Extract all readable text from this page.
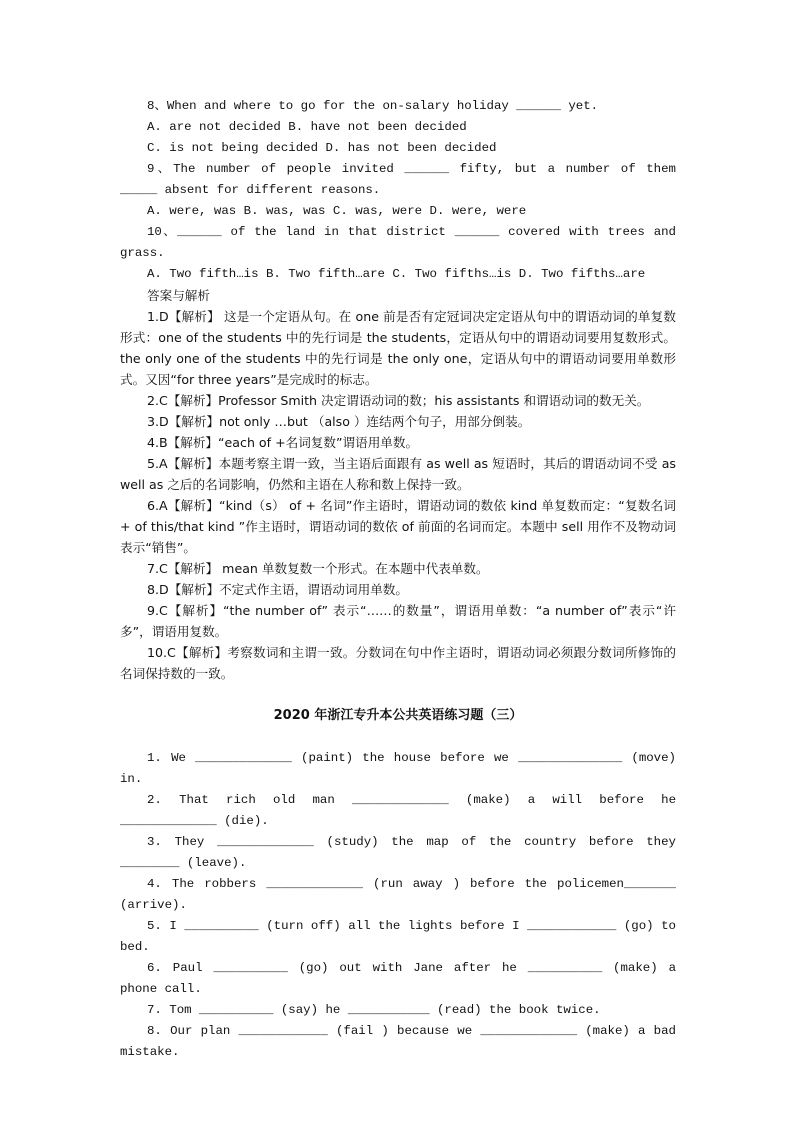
8、When and where to go for the on-salary holiday ______ yet.

A. are not decided B. have not been decided

C. is not being decided D. has not been decided

9、The number of people invited ______ fifty, but a number of them _____ absent for different reasons.

A. were, was B. was, was C. was, were D. were, were

10、______ of the land in that district ______ covered with trees and grass.

A. Two fifth…is B. Two fifth…are C. Two fifths…is D. Two fifths…are

答案与解析

1.D【解析】 这是一个定语从句。在 one 前是否有定冠词决定定语从句中的谓语动词的单复数形式：one of the students 中的先行词是 the students，定语从句中的谓语动词要用复数形式。the only one of the students 中的先行词是 the only one，定语从句中的谓语动词要用单数形式。又因“for three years”是完成时的标志。

2.C【解析】Professor Smith 决定谓语动词的数；his assistants 和谓语动词的数无关。

3.D【解析】not only …but （also ）连结两个句子，用部分倒装。

4.B【解析】“each of +名词复数”谓语用单数。

5.A【解析】本题考察主谓一致，当主语后面跟有 as well as 短语时，其后的谓语动词不受 as well as 之后的名词影响，仍然和主语在人称和数上保持一致。

6.A【解析】“kind（s） of + 名词”作主语时，谓语动词的数依 kind 单复数而定：“复数名词 + of this/that kind ”作主语时，谓语动词的数依 of 前面的名词而定。本题中 sell 用作不及物动词表示“销售”。

7.C【解析】 mean 单数复数一个形式。在本题中代表单数。

8.D【解析】不定式作主语，谓语动词用单数。

9.C【解析】“the number of” 表示“……的数量”，谓语用单数：“a number of”表示“许多”，谓语用复数。

10.C【解析】考察数词和主谓一致。分数词在句中作主语时，谓语动词必须跟分数词所修饰的名词保持数的一致。

2020 年浙江专升本公共英语练习题（三）

1. We _____________ (paint) the house before we ______________ (move) in.

2. That rich old man _____________ (make) a will before he _____________ (die).

3. They _____________ (study) the map of the country before they ________ (leave).

4. The robbers _____________ (run away ) before the policemen_______ (arrive).

5. I __________ (turn off) all the lights before I ____________ (go) to bed.

6. Paul __________ (go) out with Jane after he __________ (make) a phone call.

7. Tom __________ (say) he ___________ (read) the book twice.

8. Our plan ____________ (fail ) because we _____________ (make) a bad mistake.
